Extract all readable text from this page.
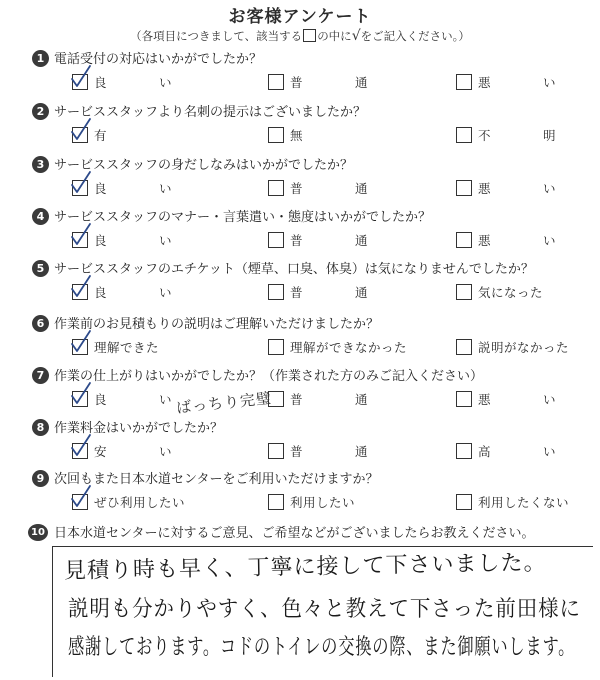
お客様アンケート
（各項目につきまして、該当する の中に√をご記入ください。）
1 電話受付の対応はいかがでしたか？
良	い	普	通	悪	い
2 サービススタッフより名刺の提示はございましたか？
有	無	不	明
3 サービススタッフの身だしなみはいかがでしたか？
良	い	普	通	悪	い
4 サービススタッフのマナー・言葉遣い・態度はいかがでしたか？
良	い	普	通	悪	い
5 サービススタッフのエチケット（煙草、口臭、体臭）は気になりませんでしたか？
良	い	普	通	気になった
6 作業前のお見積もりの説明はご理解いただけましたか？
理解できた	理解ができなかった	説明がなかった
7 作業の仕上がりはいかがでしたか？（作業された方のみご記入ください）
良	い	普	通	悪	い
8 作業料金はいかがでしたか？
安	い	普	通	高	い
9 次回もまた日本水道センターをご利用いただけますか？
ぜひ利用したい	利用したい	利用したくない
10 日本水道センターに対するご意見、ご希望などがございましたらお教えください。
見積り時も早く、丁寧に接して下さいました。
説明も分かりやすく、色々と教えて下さった前田様に
感謝しております。コドのトイレの交換の際、また御願いします。
ばっちり完璧
